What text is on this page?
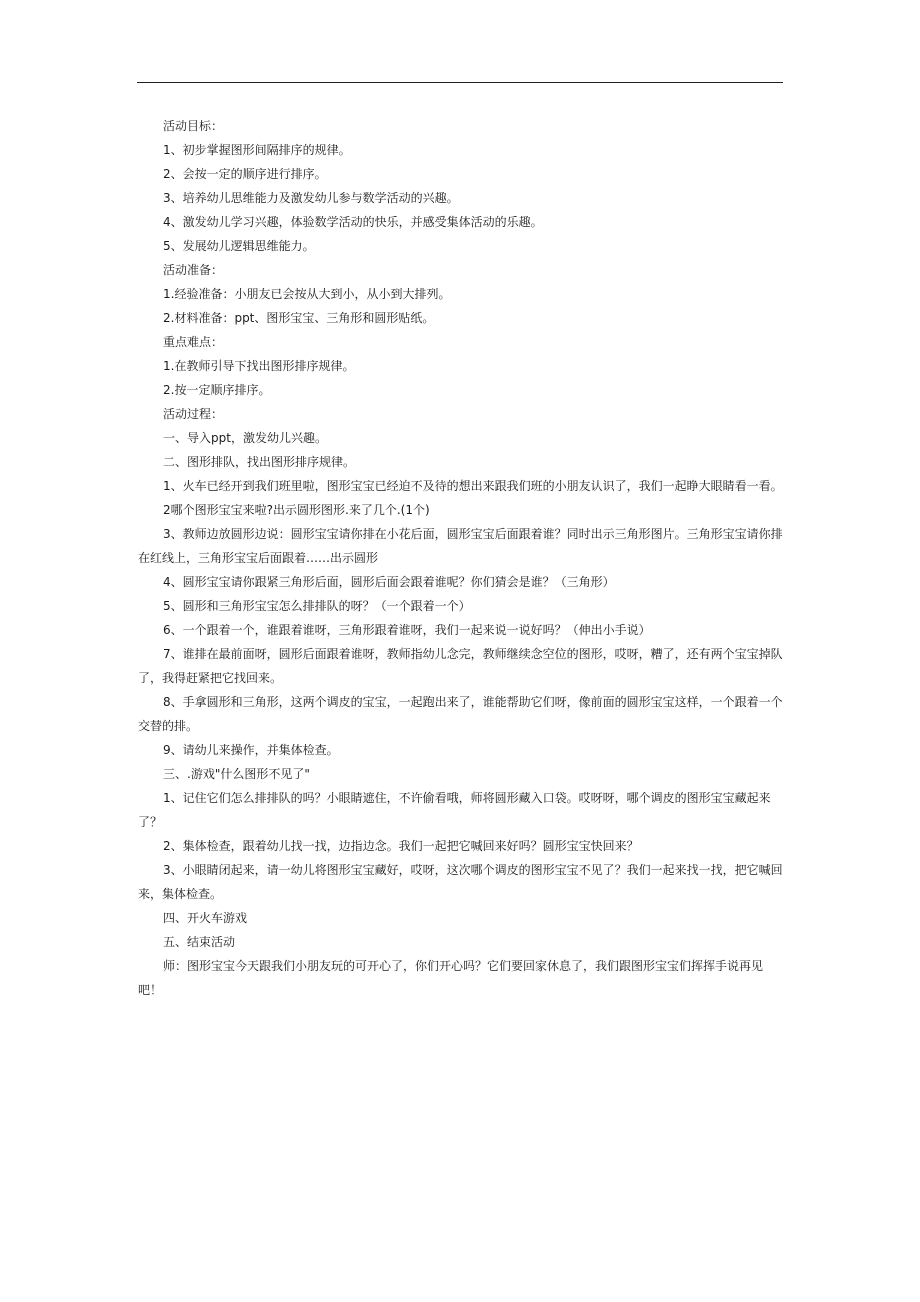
活动目标：

1、初步掌握图形间隔排序的规律。

2、会按一定的顺序进行排序。

3、培养幼儿思维能力及激发幼儿参与数学活动的兴趣。

4、激发幼儿学习兴趣，体验数学活动的快乐，并感受集体活动的乐趣。

5、发展幼儿逻辑思维能力。

活动准备：

1.经验准备：小朋友已会按从大到小，从小到大排列。

2.材料准备：ppt、图形宝宝、三角形和圆形贴纸。

重点难点：

1.在教师引导下找出图形排序规律。

2.按一定顺序排序。

活动过程：

一、导入ppt，激发幼儿兴趣。

二、图形排队，找出图形排序规律。

1、火车已经开到我们班里啦，图形宝宝已经迫不及待的想出来跟我们班的小朋友认识了，我们一起睁大眼睛看一看。

2哪个图形宝宝来啦?出示圆形图形.来了几个.(1个)

3、教师边放圆形边说：圆形宝宝请你排在小花后面，圆形宝宝后面跟着谁？同时出示三角形图片。三角形宝宝请你排在红线上，三角形宝宝后面跟着……出示圆形

4、圆形宝宝请你跟紧三角形后面，圆形后面会跟着谁呢？你们猜会是谁？（三角形）

5、圆形和三角形宝宝怎么排排队的呀？（一个跟着一个）

6、一个跟着一个，谁跟着谁呀，三角形跟着谁呀，我们一起来说一说好吗？（伸出小手说）

7、谁排在最前面呀，圆形后面跟着谁呀，教师指幼儿念完，教师继续念空位的图形，哎呀，糟了，还有两个宝宝掉队了，我得赶紧把它找回来。

8、手拿圆形和三角形，这两个调皮的宝宝，一起跑出来了，谁能帮助它们呀，像前面的圆形宝宝这样，一个跟着一个交替的排。

9、请幼儿来操作，并集体检查。

三、.游戏"什么图形不见了"

1、记住它们怎么排排队的吗？小眼睛遮住，不许偷看哦，师将圆形藏入口袋。哎呀呀，哪个调皮的图形宝宝藏起来了？

2、集体检查，跟着幼儿找一找，边指边念。我们一起把它喊回来好吗？圆形宝宝快回来？

3、小眼睛闭起来，请一幼儿将图形宝宝藏好，哎呀，这次哪个调皮的图形宝宝不见了？我们一起来找一找，把它喊回来，集体检查。

四、开火车游戏

五、结束活动

师：图形宝宝今天跟我们小朋友玩的可开心了，你们开心吗？它们要回家休息了，我们跟图形宝宝们挥挥手说再见吧！
